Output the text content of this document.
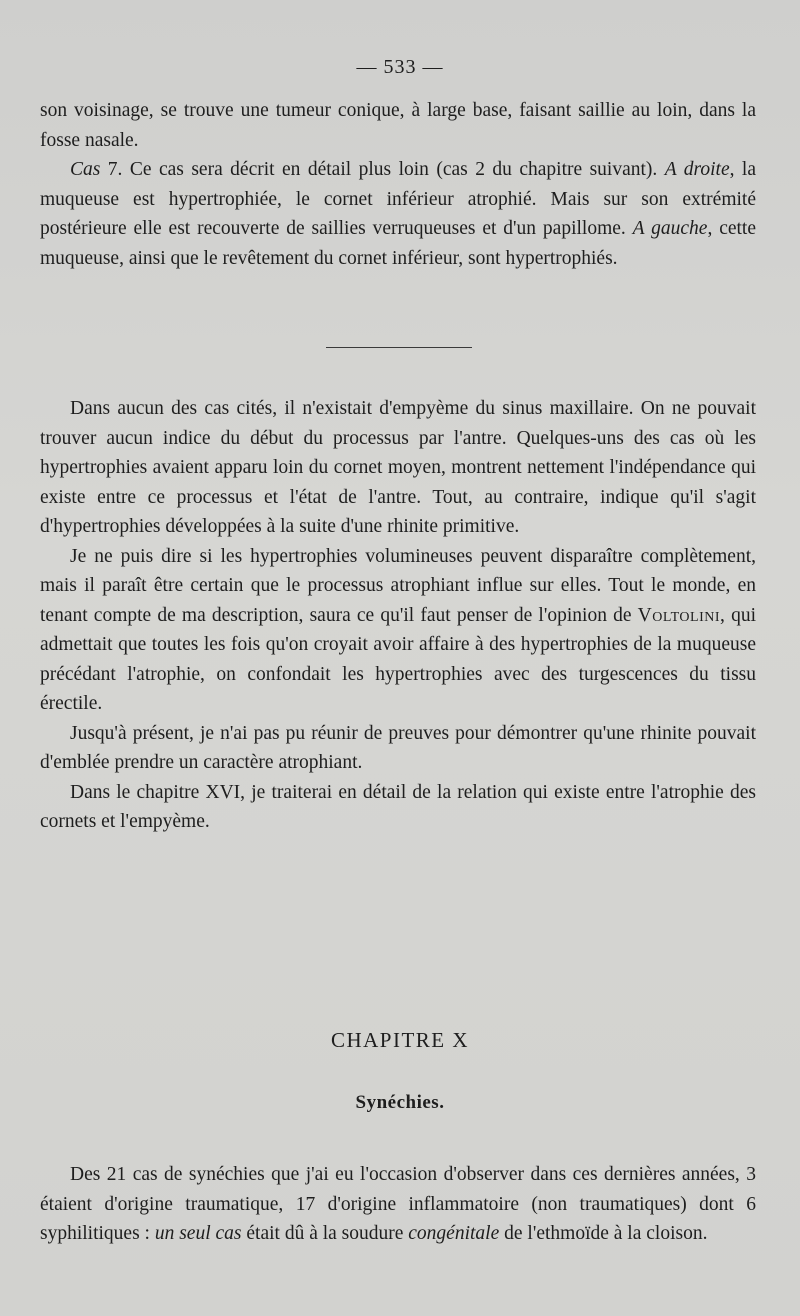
— 533 —

son voisinage, se trouve une tumeur conique, à large base, faisant saillie au loin, dans la fosse nasale.

Cas 7. Ce cas sera décrit en détail plus loin (cas 2 du chapitre suivant). A droite, la muqueuse est hypertrophiée, le cornet inférieur atrophié. Mais sur son extrémité postérieure elle est recouverte de saillies verruqueuses et d'un papillome. A gauche, cette muqueuse, ainsi que le revêtement du cornet inférieur, sont hypertrophiés.

Dans aucun des cas cités, il n'existait d'empyème du sinus maxillaire. On ne pouvait trouver aucun indice du début du processus par l'antre. Quelques-uns des cas où les hypertrophies avaient apparu loin du cornet moyen, montrent nettement l'indépendance qui existe entre ce processus et l'état de l'antre. Tout, au contraire, indique qu'il s'agit d'hypertrophies développées à la suite d'une rhinite primitive.

Je ne puis dire si les hypertrophies volumineuses peuvent disparaître complètement, mais il paraît être certain que le processus atrophiant influe sur elles. Tout le monde, en tenant compte de ma description, saura ce qu'il faut penser de l'opinion de Voltolini, qui admettait que toutes les fois qu'on croyait avoir affaire à des hypertrophies de la muqueuse précédant l'atrophie, on confondait les hypertrophies avec des turgescences du tissu érectile.

Jusqu'à présent, je n'ai pas pu réunir de preuves pour démontrer qu'une rhinite pouvait d'emblée prendre un caractère atrophiant.

Dans le chapitre XVI, je traiterai en détail de la relation qui existe entre l'atrophie des cornets et l'empyème.

CHAPITRE X
Synéchies.

Des 21 cas de synéchies que j'ai eu l'occasion d'observer dans ces dernières années, 3 étaient d'origine traumatique, 17 d'origine inflammatoire (non traumatiques) dont 6 syphilitiques : un seul cas était dû à la soudure congénitale de l'ethmoïde à la cloison.
